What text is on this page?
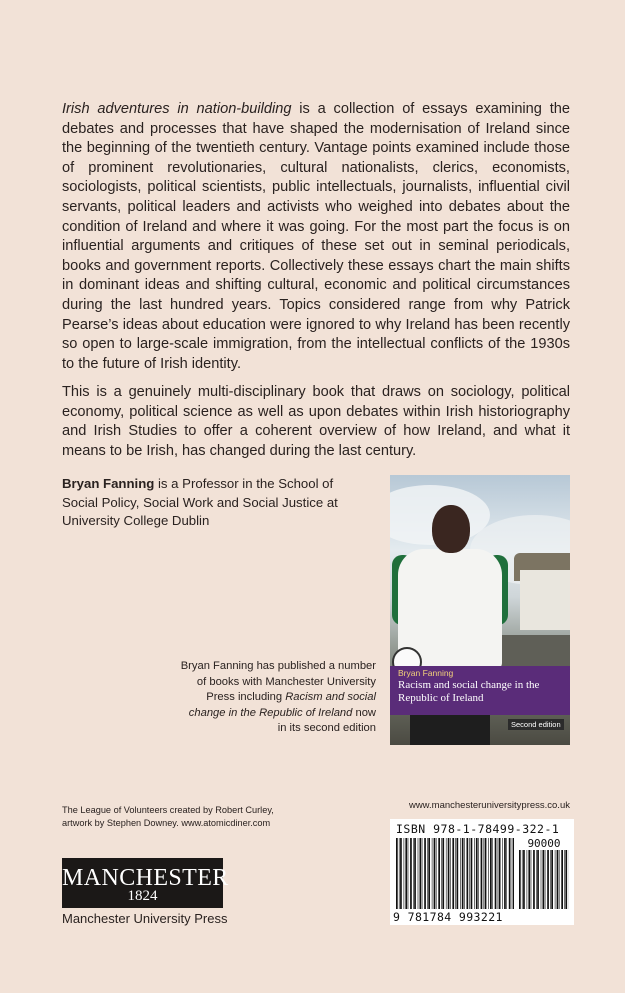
Irish adventures in nation-building is a collection of essays examining the debates and processes that have shaped the modernisation of Ireland since the beginning of the twentieth century. Vantage points examined include those of prominent revolutionaries, cultural nationalists, clerics, economists, sociologists, political scientists, public intellectuals, journalists, influential civil servants, political leaders and activists who weighed into debates about the condition of Ireland and where it was going. For the most part the focus is on influential arguments and critiques of these set out in seminal periodicals, books and government reports. Collectively these essays chart the main shifts in dominant ideas and shifting cultural, economic and political circumstances during the last hundred years. Topics considered range from why Patrick Pearse’s ideas about education were ignored to why Ireland has been recently so open to large-scale immigration, from the intellectual conflicts of the 1930s to the future of Irish identity.

This is a genuinely multi-disciplinary book that draws on sociology, political economy, political science as well as upon debates within Irish historiography and Irish Studies to offer a coherent overview of how Ireland, and what it means to be Irish, has changed during the last century.

Bryan Fanning is a Professor in the School of Social Policy, Social Work and Social Justice at University College Dublin

Bryan Fanning
Racism and social change in the Republic of Ireland
Second edition

Bryan Fanning has published a number of books with Manchester University Press including Racism and social change in the Republic of Ireland now in its second edition

The League of Volunteers created by Robert Curley,
artwork by Stephen Downey. www.atomicdiner.com

www.manchesteruniversitypress.co.uk
ISBN 978-1-78499-322-1
90000
9 781784 993221
MANCHESTER
1824
Manchester University Press
